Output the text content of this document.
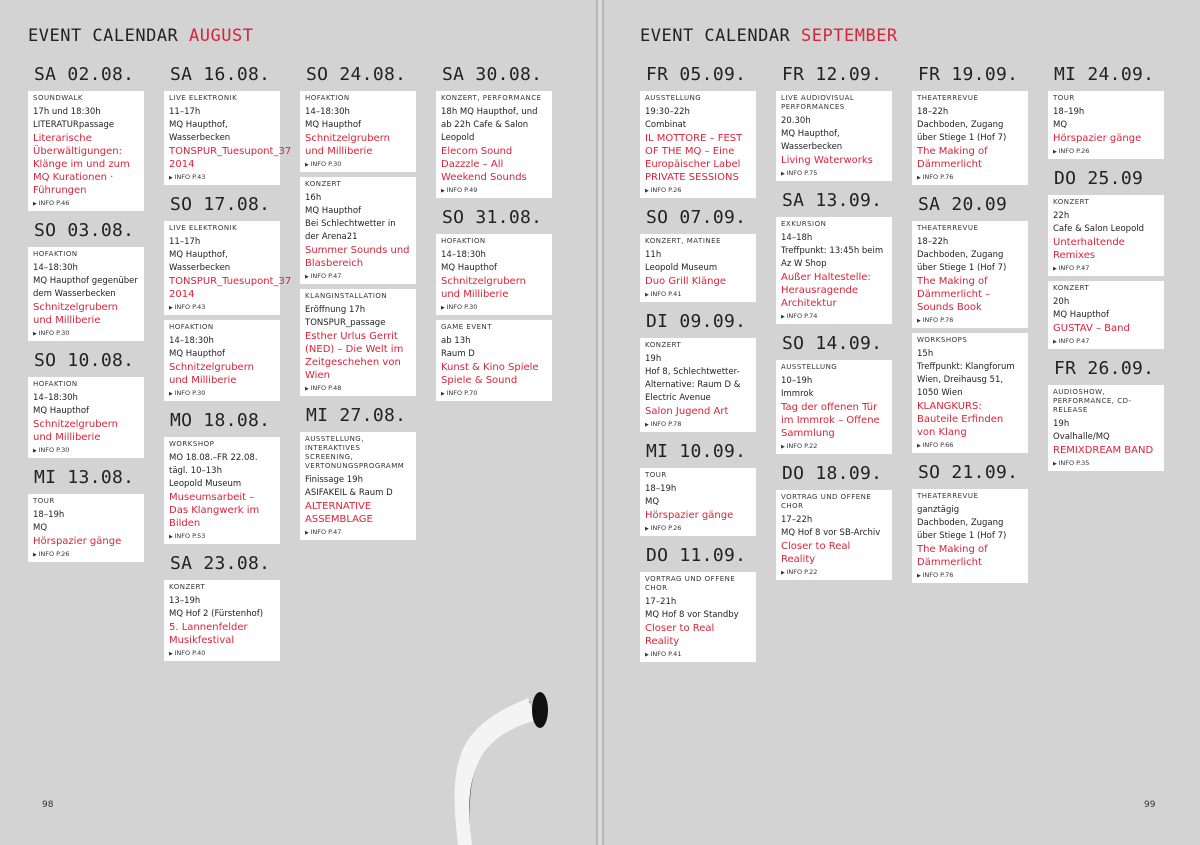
EVENT CALENDAR AUGUST
SA 02.08.
SOUNDWALK
17h und 18:30h
LITERATURpassage
Literarische Überwältigungen: Klänge im und zum MQ Kurationen · Führungen
▶ INFO P.46
SO 03.08.
HOFAKTION
14–18:30h
MQ Haupthof gegenüber dem Wasserbecken
Schnitzelgrubern und Milliberie
▶ INFO P.30
SO 10.08.
HOFAKTION
14–18:30h
MQ Haupthof
Schnitzelgrubern und Milliberie
▶ INFO P.30
MI 13.08.
TOUR
18–19h
MQ
Hörspazier gänge
▶ INFO P.26
SA 16.08.
LIVE ELEKTRONIK
11–17h
MQ Haupthof, Wasserbecken
TONSPUR_Tuesupont_37 2014
▶ INFO P.43
SO 17.08.
LIVE ELEKTRONIK
11–17h
MQ Haupthof, Wasserbecken
TONSPUR_Tuesupont_37 2014
▶ INFO P.43
HOFAKTION
14–18:30h
MQ Haupthof
Schnitzelgrubern und Milliberie
▶ INFO P.30
MO 18.08.
WORKSHOP
MO 18.08.–FR 22.08.
tägl. 10–13h
Leopold Museum
Museumsarbeit – Das Klangwerk im Bilden
▶ INFO P.53
SA 23.08.
KONZERT
13–19h
MQ Hof 2 (Fürstenhof)
5. Lannenfelder Musikfestival
▶ INFO P.40
SO 24.08.
HOFAKTION
14–18:30h
MQ Haupthof
Schnitzelgrubern und Milliberie
▶ INFO P.30
KONZERT
16h
MQ Haupthof
Bei Schlechtwetter in der Arena21
Summer Sounds und Blasbereich
▶ INFO P.47
KLANGINSTALLATION
Eröffnung 17h
TONSPUR_passage
Esther Urlus Gerrit (NED) – Die Welt im Zeitgeschehen von Wien
▶ INFO P.48
MI 27.08.
AUSSTELLUNG, INTERAKTIVES SCREENING, VERTONUNGSPROGRAMM
Finissage 19h
ASIFAKEIL & Raum D
ALTERNATIVE ASSEMBLAGE
▶ INFO P.47
SA 30.08.
KONZERT, PERFORMANCE
18h MQ Haupthof, und ab 22h Cafe & Salon Leopold
Elecom Sound Dazzzle – All Weekend Sounds
▶ INFO P.49
SO 31.08.
HOFAKTION
14–18:30h
MQ Haupthof
Schnitzelgrubern und Milliberie
▶ INFO P.30
GAME EVENT
ab 13h
Raum D
Kunst & Kino Spiele Spiele & Sound
▶ INFO P.70
98
EVENT CALENDAR SEPTEMBER
FR 05.09.
AUSSTELLUNG
19:30–22h
Combinat
IL MOTTORE – FEST OF THE MQ – Eine Europäischer Label PRIVATE SESSIONS
▶ INFO P.26
SO 07.09.
KONZERT, MATINEE
11h
Leopold Museum
Duo Grill Klänge
▶ INFO P.41
DI 09.09.
KONZERT
19h
Hof 8, Schlechtwetter-Alternative: Raum D & Electric Avenue
Salon Jugend Art
▶ INFO P.78
MI 10.09.
TOUR
18–19h
MQ
Hörspazier gänge
▶ INFO P.26
DO 11.09.
VORTRAG UND OFFENE CHOR
17–21h
MQ Hof 8 vor Standby
Closer to Real Reality
▶ INFO P.41
FR 12.09.
LIVE AUDIOVISUAL PERFORMANCES
20.30h
MQ Haupthof, Wasserbecken
Living Waterworks
▶ INFO P.75
SA 13.09.
EXKURSION
14–18h
Treffpunkt: 13:45h beim Az W Shop
Außer Haltestelle: Herausragende Architektur
▶ INFO P.74
SO 14.09.
AUSSTELLUNG
10–19h
Immrok
Tag der offenen Tür im Immrok – Offene Sammlung
▶ INFO P.22
DO 18.09.
VORTRAG UND OFFENE CHOR
17–22h
MQ Hof 8 vor SB-Archiv
Closer to Real Reality
▶ INFO P.22
FR 19.09.
THEATERREVUE
18–22h
Dachboden, Zugang über Stiege 1 (Hof 7)
The Making of Dämmerlicht
▶ INFO P.76
SA 20.09
THEATERREVUE
18–22h
Dachboden, Zugang über Stiege 1 (Hof 7)
The Making of Dämmerlicht – Sounds Book
▶ INFO P.76
WORKSHOPS
15h
Treffpunkt: Klangforum Wien, Dreihausg 51, 1050 Wien
KLANGKURS: Bauteile Erfinden von Klang
▶ INFO P.66
SO 21.09.
THEATERREVUE
ganztägig
Dachboden, Zugang über Stiege 1 (Hof 7)
The Making of Dämmerlicht
▶ INFO P.76
MI 24.09.
TOUR
18–19h
MQ
Hörspazier gänge
▶ INFO P.26
DO 25.09
KONZERT
22h
Cafe & Salon Leopold
Unterhaltende Remixes
▶ INFO P.47
KONZERT
20h
MQ Haupthof
GUSTAV – Band
▶ INFO P.47
FR 26.09.
AUDIOSHOW, PERFORMANCE, CD-RELEASE
19h
Ovalhalle/MQ
REMIXDREAM BAND
▶ INFO P.35
99
